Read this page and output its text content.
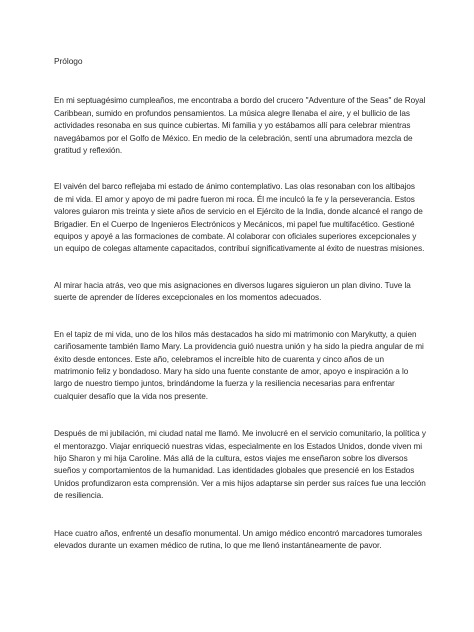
Prólogo

En mi septuagésimo cumpleaños, me encontraba a bordo del crucero "Adventure of the Seas" de Royal Caribbean, sumido en profundos pensamientos. La música alegre llenaba el aire, y el bullicio de las actividades resonaba en sus quince cubiertas. Mi familia y yo estábamos allí para celebrar mientras navegábamos por el Golfo de México. En medio de la celebración, sentí una abrumadora mezcla de gratitud y reflexión.

El vaivén del barco reflejaba mi estado de ánimo contemplativo. Las olas resonaban con los altibajos de mi vida. El amor y apoyo de mi padre fueron mi roca. Él me inculcó la fe y la perseverancia. Estos valores guiaron mis treinta y siete años de servicio en el Ejército de la India, donde alcancé el rango de Brigadier. En el Cuerpo de Ingenieros Electrónicos y Mecánicos, mi papel fue multifacético. Gestioné equipos y apoyé a las formaciones de combate. Al colaborar con oficiales superiores excepcionales y un equipo de colegas altamente capacitados, contribuí significativamente al éxito de nuestras misiones.

Al mirar hacia atrás, veo que mis asignaciones en diversos lugares siguieron un plan divino. Tuve la suerte de aprender de líderes excepcionales en los momentos adecuados.

En el tapiz de mi vida, uno de los hilos más destacados ha sido mi matrimonio con Marykutty, a quien cariñosamente también llamo Mary. La providencia guió nuestra unión y ha sido la piedra angular de mi éxito desde entonces. Este año, celebramos el increíble hito de cuarenta y cinco años de un matrimonio feliz y bondadoso. Mary ha sido una fuente constante de amor, apoyo e inspiración a lo largo de nuestro tiempo juntos, brindándome la fuerza y la resiliencia necesarias para enfrentar cualquier desafío que la vida nos presente.

Después de mi jubilación, mi ciudad natal me llamó. Me involucré en el servicio comunitario, la política y el mentorazgo. Viajar enriqueció nuestras vidas, especialmente en los Estados Unidos, donde viven mi hijo Sharon y mi hija Caroline. Más allá de la cultura, estos viajes me enseñaron sobre los diversos sueños y comportamientos de la humanidad. Las identidades globales que presencié en los Estados Unidos profundizaron esta comprensión. Ver a mis hijos adaptarse sin perder sus raíces fue una lección de resiliencia.

Hace cuatro años, enfrenté un desafío monumental. Un amigo médico encontró marcadores tumorales elevados durante un examen médico de rutina, lo que me llenó instantáneamente de pavor.
